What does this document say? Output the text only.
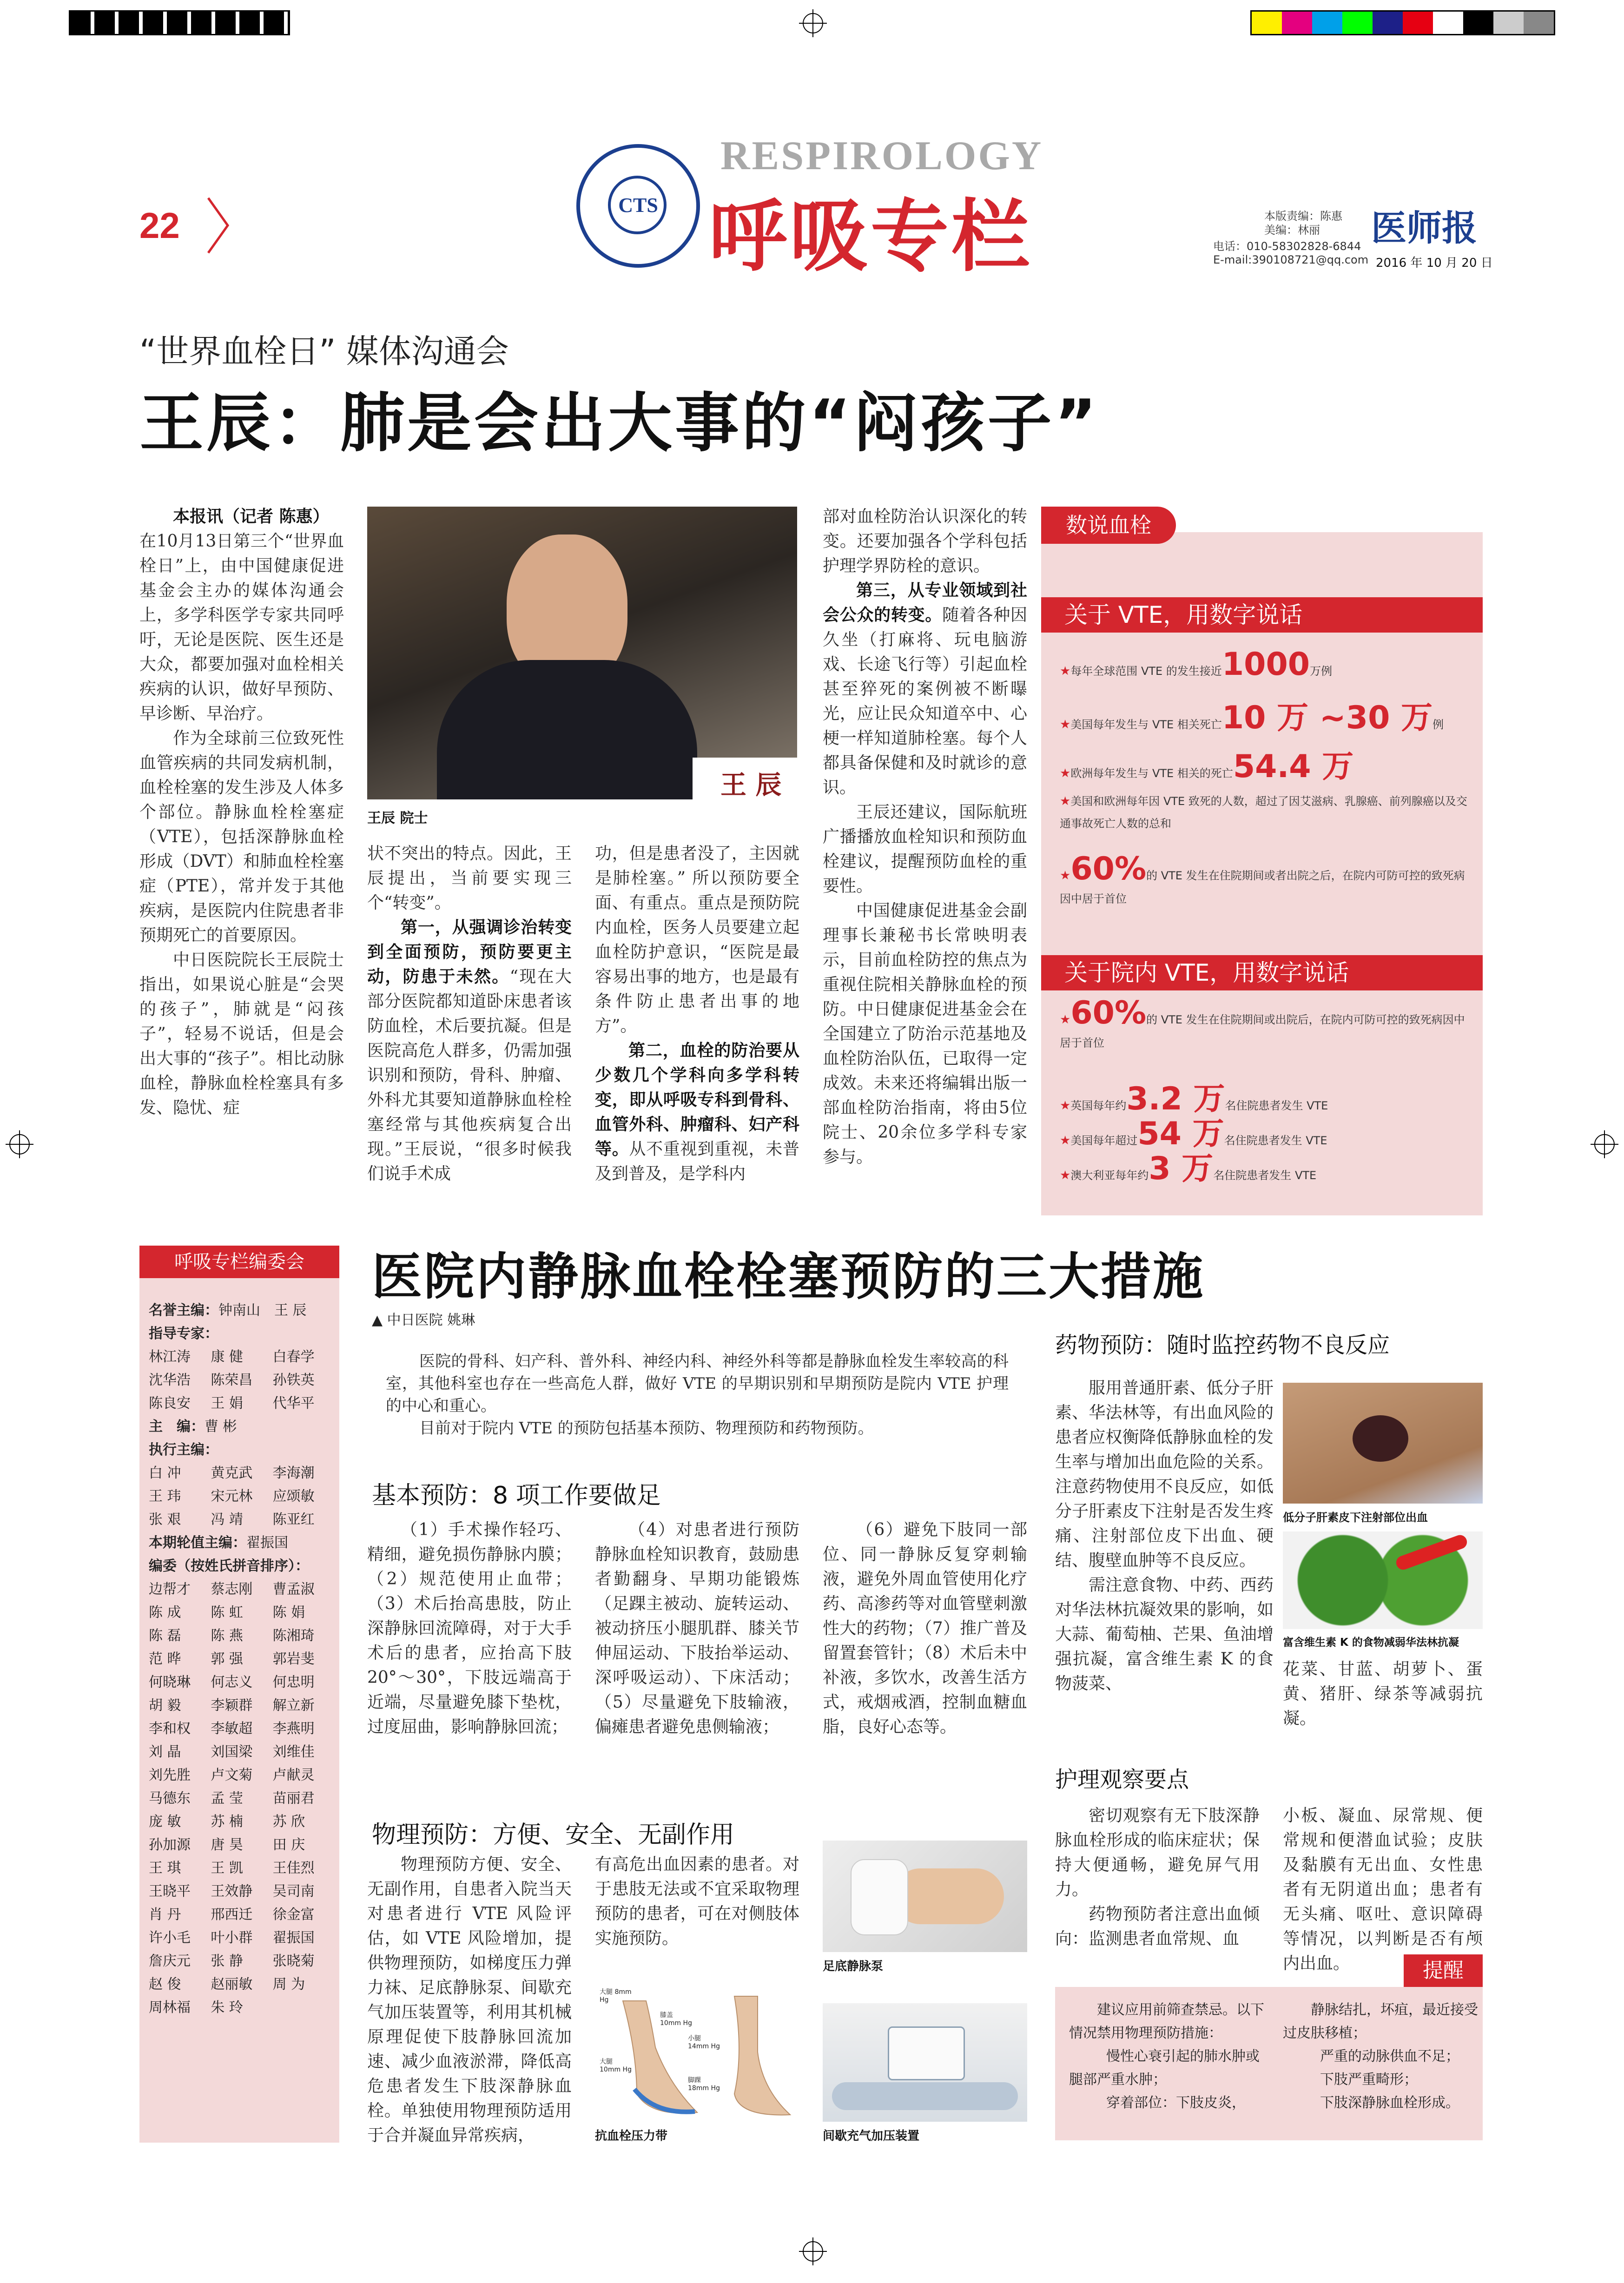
22	CTS
RESPIROLOGY
呼吸专栏	本版责编：陈惠
美编：林丽
电话：010-58302828-6844
E-mail:390108721@qq.com
医师报
2016 年 10 月 20 日
“世界血栓日” 媒体沟通会
王辰：肺是会出大事的“闷孩子”

本报讯（记者 陈惠）

在10月13日第三个“世界血栓日”上，由中国健康促进基金会主办的媒体沟通会上，多学科医学专家共同呼吁，无论是医院、医生还是大众，都要加强对血栓相关疾病的认识，做好早预防、早诊断、早治疗。

作为全球前三位致死性血管疾病的共同发病机制，血栓栓塞的发生涉及人体多个部位。静脉血栓栓塞症（VTE），包括深静脉血栓形成（DVT）和肺血栓栓塞症（PTE），常并发于其他疾病，是医院内住院患者非预期死亡的首要原因。

中日医院院长王辰院士指出，如果说心脏是“会哭的孩子”，肺就是“闷孩子”，轻易不说话，但是会出大事的“孩子”。相比动脉血栓，静脉血栓栓塞具有多发、隐忧、症

王 辰
王辰 院士

状不突出的特点。因此，王辰提出，当前要实现三个“转变”。

第一，从强调诊治转变到全面预防，预防要更主动，防患于未然。“现在大部分医院都知道卧床患者该防血栓，术后要抗凝。但是医院高危人群多，仍需加强识别和预防，骨科、肿瘤、外科尤其要知道静脉血栓栓塞经常与其他疾病复合出现。”王辰说，“很多时候我们说手术成

功，但是患者没了，主因就是肺栓塞。” 所以预防要全面、有重点。重点是预防院内血栓，医务人员要建立起血栓防护意识，“医院是最容易出事的地方，也是最有条件防止患者出事的地方”。

第二，血栓的防治要从少数几个学科向多学科转变，即从呼吸专科到骨科、血管外科、肿瘤科、妇产科等。从不重视到重视，未普及到普及，是学科内

部对血栓防治认识深化的转变。还要加强各个学科包括护理学界防栓的意识。

第三，从专业领域到社会公众的转变。随着各种因久坐（打麻将、玩电脑游戏、长途飞行等）引起血栓甚至猝死的案例被不断曝光，应让民众知道卒中、心梗一样知道肺栓塞。每个人都具备保健和及时就诊的意识。

王辰还建议，国际航班广播播放血栓知识和预防血栓建议，提醒预防血栓的重要性。

中国健康促进基金会副理事长兼秘书长常映明表示，目前血栓防控的焦点为重视住院相关静脉血栓的预防。中日健康促进基金会在全国建立了防治示范基地及血栓防治队伍，已取得一定成效。未来还将编辑出版一部血栓防治指南，将由5位院士、20余位多学科专家参与。

数说血栓
关于 VTE，用数字说话
★每年全球范围 VTE 的发生接近1000万例
★美国每年发生与 VTE 相关死亡10 万 ~30 万例
★欧洲每年发生与 VTE 相关的死亡54.4 万
★美国和欧洲每年因 VTE 致死的人数，超过了因艾滋病、乳腺癌、前列腺癌以及交通事故死亡人数的总和
★60%的 VTE 发生在住院期间或者出院之后，在院内可防可控的致死病因中居于首位
关于院内 VTE，用数字说话
★60%的 VTE 发生在住院期间或出院后，在院内可防可控的致死病因中居于首位
★英国每年约3.2 万名住院患者发生 VTE
★美国每年超过54 万名住院患者发生 VTE
★澳大利亚每年约3 万名住院患者发生 VTE
呼吸专栏编委会
名誉主编： 钟南山　王 辰
指导专家：
林江涛	康 健	白春学
沈华浩	陈荣昌	孙铁英
陈良安	王 娟	代华平
主　编： 曹 彬
执行主编：
白 冲	黄克武	李海潮
王 玮	宋元林	应颂敏
张 艰	冯 靖	陈亚红
本期轮值主编： 翟振国
编委（按姓氏拼音排序）：
边帮才	蔡志刚	曹孟淑
陈 成	陈 虹	陈 娟
陈 磊	陈 燕	陈湘琦
范 晔	郭 强	郭岩斐
何晓琳	何志义	何忠明
胡 毅	李颖群	解立新
李和权	李敏超	李燕明
刘 晶	刘国梁	刘维佳
刘先胜	卢文菊	卢献灵
马德东	孟 莹	苗丽君
庞 敏	苏 楠	苏 欣
孙加源	唐 昊	田 庆
王 琪	王 凯	王佳烈
王晓平	王效静	吴司南
肖 丹	邢西迁	徐金富
许小毛	叶小群	翟振国
詹庆元	张 静	张晓菊
赵 俊	赵丽敏	周 为
周林福	朱 玲
医院内静脉血栓栓塞预防的三大措施
▲ 中日医院 姚琳

医院的骨科、妇产科、普外科、神经内科、神经外科等都是静脉血栓发生率较高的科室，其他科室也存在一些高危人群，做好 VTE 的早期识别和早期预防是院内 VTE 护理的中心和重心。

目前对于院内 VTE 的预防包括基本预防、物理预防和药物预防。

基本预防：8 项工作要做足

（1）手术操作轻巧、精细，避免损伤静脉内膜；（2）规范使用止血带；（3）术后抬高患肢，防止深静脉回流障碍，对于大手术后的患者，应抬高下肢 20°～30°，下肢远端高于近端，尽量避免膝下垫枕，过度屈曲，影响静脉回流；

（4）对患者进行预防静脉血栓知识教育，鼓励患者勤翻身、早期功能锻炼（足踝主被动、旋转运动、被动挤压小腿肌群、膝关节伸屈运动、下肢抬举运动、深呼吸运动）、下床活动；（5）尽量避免下肢输液，偏瘫患者避免患侧输液；

（6）避免下肢同一部位、同一静脉反复穿刺输液，避免外周血管使用化疗药、高渗药等对血管壁刺激性大的药物；（7）推广普及留置套管针；（8）术后未中补液，多饮水，改善生活方式，戒烟戒酒，控制血糖血脂，良好心态等。

物理预防：方便、安全、无副作用

物理预防方便、安全、无副作用，自患者入院当天对患者进行 VTE 风险评估，如 VTE 风险增加，提供物理预防，如梯度压力弹力袜、足底静脉泵、间歇充气加压装置等，利用其机械原理促使下肢静脉回流加速、减少血液淤滞，降低高危患者发生下肢深静脉血栓。单独使用物理预防适用于合并凝血异常疾病，

有高危出血因素的患者。对于患肢无法或不宜采取物理预防的患者，可在对侧肢体实施预防。

足底静脉泵
大腿 8mm Hg
膝盖 10mm Hg
小腿 14mm Hg
大腿 10mm Hg
脚踝 18mm Hg
抗血栓压力带	间歇充气加压装置
药物预防：随时监控药物不良反应

服用普通肝素、低分子肝素、华法林等，有出血风险的患者应权衡降低静脉血栓的发生率与增加出血危险的关系。注意药物使用不良反应，如低分子肝素皮下注射是否发生疼痛、注射部位皮下出血、硬结、腹壁血肿等不良反应。

需注意食物、中药、西药对华法林抗凝效果的影响，如大蒜、葡萄柚、芒果、鱼油增强抗凝，富含维生素 K 的食物菠菜、

低分子肝素皮下注射部位出血
富含维生素 K 的食物减弱华法林抗凝

花菜、甘蓝、胡萝卜、蛋黄、猪肝、绿茶等减弱抗凝。

护理观察要点

密切观察有无下肢深静脉血栓形成的临床症状；保持大便通畅，避免屏气用力。

药物预防者注意出血倾向：监测患者血常规、血

小板、凝血、尿常规、便常规和便潜血试验；皮肤及黏膜有无出血、女性患者有无阴道出血；患者有无头痛、呕吐、意识障碍等情况，以判断是否有颅内出血。	提醒
建议应用前筛查禁忌。以下情况禁用物理预防措施：
慢性心衰引起的肺水肿或腿部严重水肿；
穿着部位：下肢皮炎，
静脉结扎，坏疽，最近接受过皮肤移植；
严重的动脉供血不足；
下肢严重畸形；
下肢深静脉血栓形成。
